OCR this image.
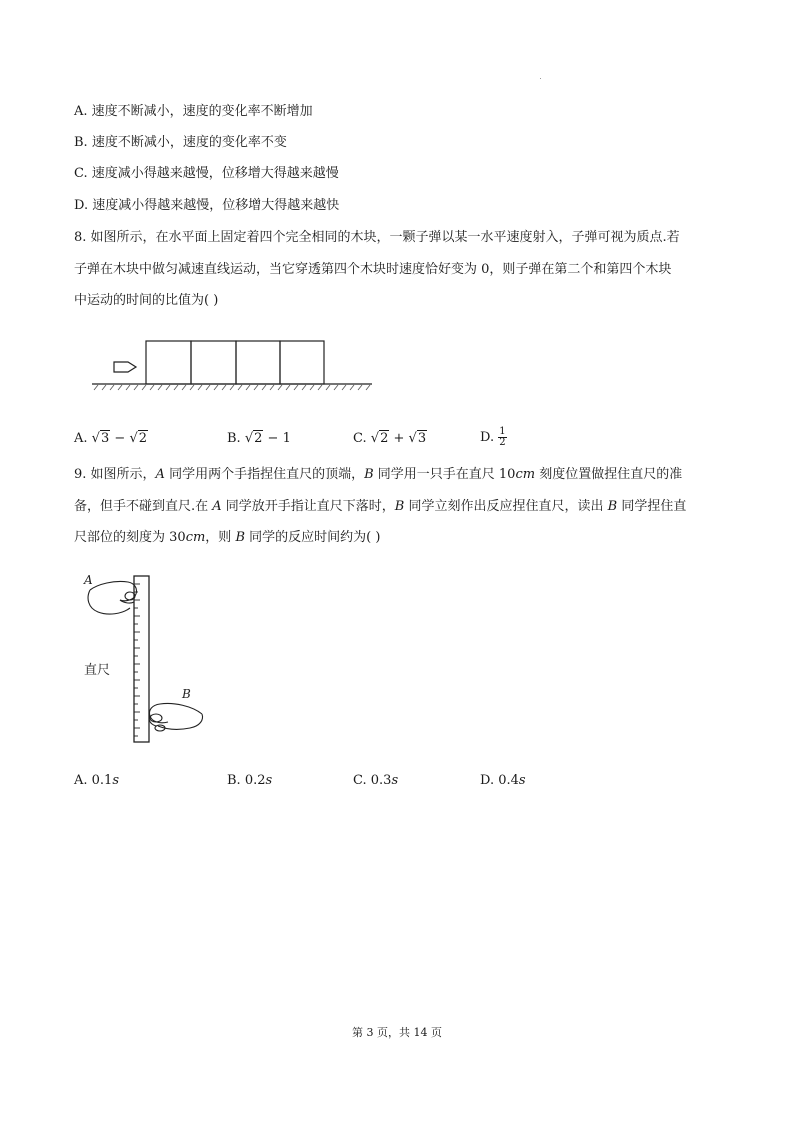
A. 速度不断减小，速度的变化率不断增加
B. 速度不断减小，速度的变化率不变
C. 速度减小得越来越慢，位移增大得越来越慢
D. 速度减小得越来越慢，位移增大得越来越快
8. 如图所示，在水平面上固定着四个完全相同的木块，一颗子弹以某一水平速度射入，子弹可视为质点.若
子弹在木块中做匀减速直线运动，当它穿透第四个木块时速度恰好变为 0，则子弹在第二个和第四个木块
中运动的时间的比值为( )
A. √3 − √2	B. √2 − 1	C. √2 + √3	D. $\frac{1}{2}$
9. 如图所示，A 同学用两个手指捏住直尺的顶端，B 同学用一只手在直尺 10cm 刻度位置做捏住直尺的准
备，但手不碰到直尺.在 A 同学放开手指让直尺下落时，B 同学立刻作出反应捏住直尺，读出 B 同学捏住直
尺部位的刻度为 30cm，则 B 同学的反应时间约为( )
A
B
直尺
A. 0.1s	B. 0.2s	C. 0.3s	D. 0.4s
第 3 页，共 14 页
